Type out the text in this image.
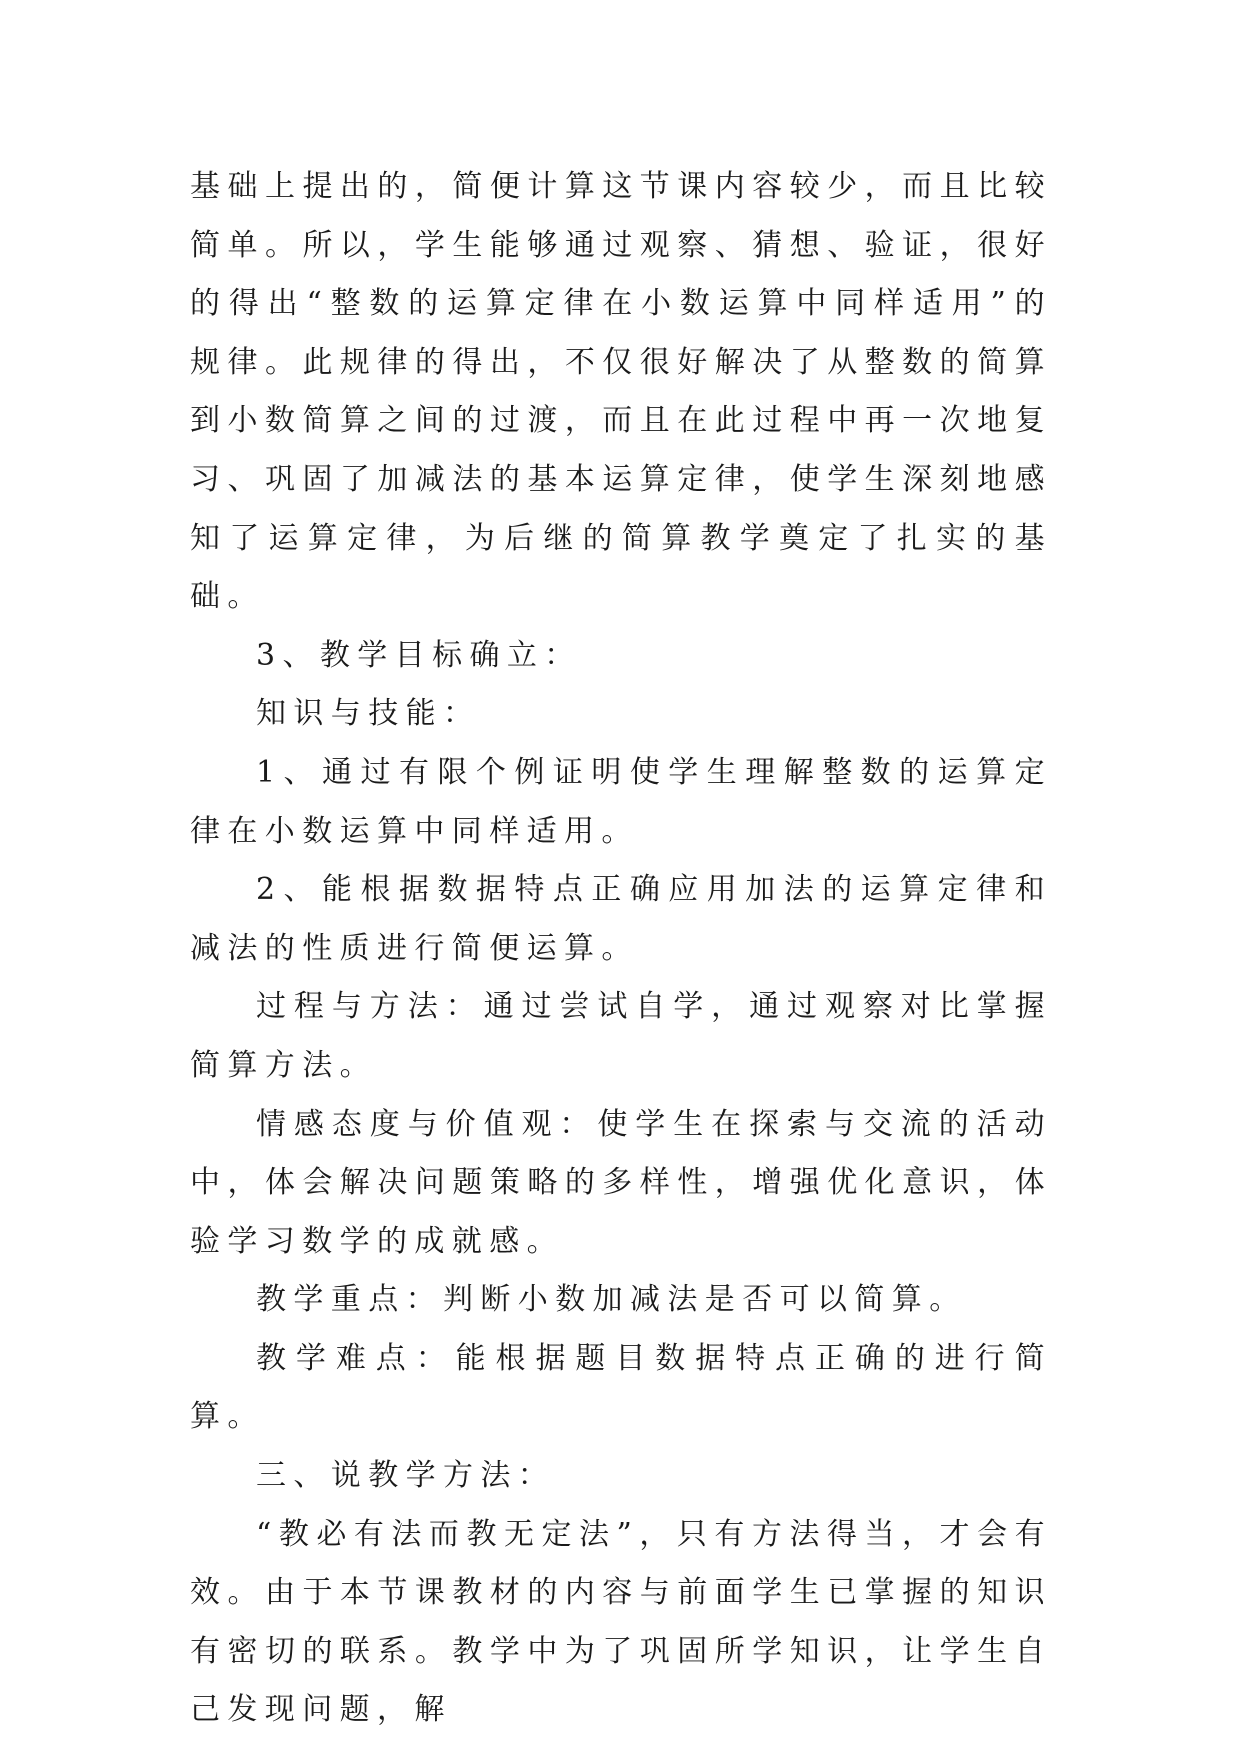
基础上提出的，简便计算这节课内容较少，而且比较简单。所以，学生能够通过观察、猜想、验证，很好的得出“整数的运算定律在小数运算中同样适用”的规律。此规律的得出，不仅很好解决了从整数的简算到小数简算之间的过渡，而且在此过程中再一次地复习、巩固了加减法的基本运算定律，使学生深刻地感知了运算定律，为后继的简算教学奠定了扎实的基础。

3、教学目标确立：

知识与技能：

1、通过有限个例证明使学生理解整数的运算定律在小数运算中同样适用。

2、能根据数据特点正确应用加法的运算定律和减法的性质进行简便运算。

过程与方法：通过尝试自学，通过观察对比掌握简算方法。

情感态度与价值观：使学生在探索与交流的活动中，体会解决问题策略的多样性，增强优化意识，体验学习数学的成就感。

教学重点：判断小数加减法是否可以简算。

教学难点：能根据题目数据特点正确的进行简算。

三、说教学方法：

“教必有法而教无定法”，只有方法得当，才会有效。由于本节课教材的内容与前面学生已掌握的知识有密切的联系。教学中为了巩固所学知识，让学生自己发现问题，解
